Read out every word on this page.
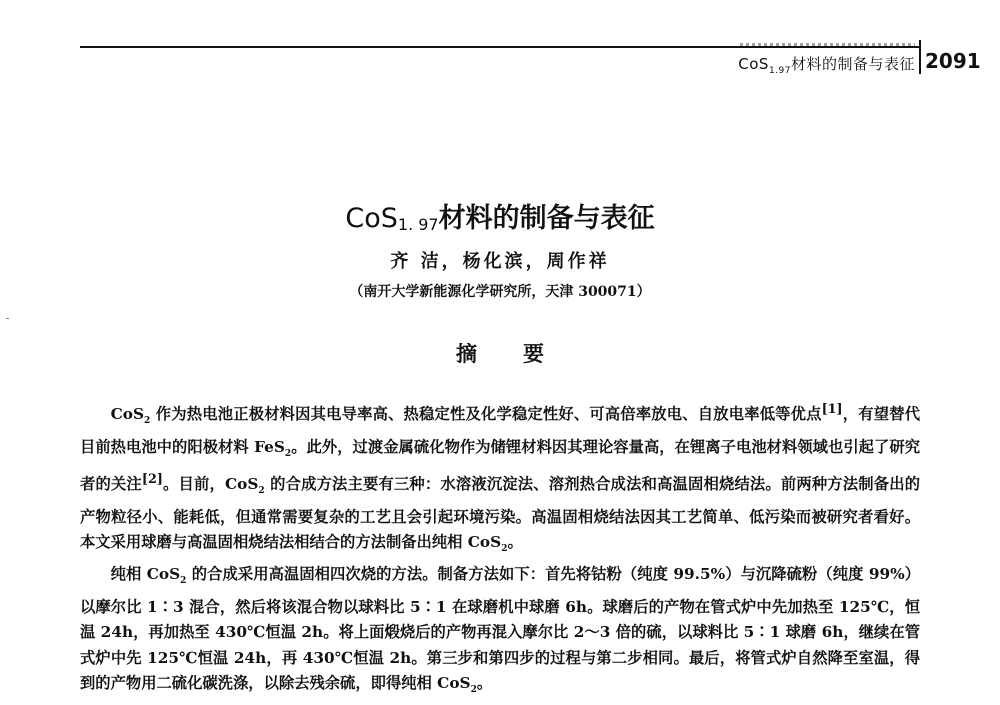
CoS$_{1.97}$材料的制备与表征 2091
CoS$_{1. 97}$材料的制备与表征
齐 洁，杨化滨，周作祥
（南开大学新能源化学研究所，天津 300071）
摘要

CoS$_2$ 作为热电池正极材料因其电导率高、热稳定性及化学稳定性好、可高倍率放电、自放电率低等优点[1]，有望替代目前热电池中的阳极材料 FeS$_2$。此外，过渡金属硫化物作为储锂材料因其理论容量高，在锂离子电池材料领域也引起了研究者的关注[2]。目前，CoS$_2$ 的合成方法主要有三种：水溶液沉淀法、溶剂热合成法和高温固相烧结法。前两种方法制备出的产物粒径小、能耗低，但通常需要复杂的工艺且会引起环境污染。高温固相烧结法因其工艺简单、低污染而被研究者看好。本文采用球磨与高温固相烧结法相结合的方法制备出纯相 CoS$_2$。

纯相 CoS$_2$ 的合成采用高温固相四次烧的方法。制备方法如下：首先将钴粉（纯度 99.5%）与沉降硫粉（纯度 99%）以摩尔比 1∶3 混合，然后将该混合物以球料比 5∶1 在球磨机中球磨 6h。球磨后的产物在管式炉中先加热至 125℃，恒温 24h，再加热至 430℃恒温 2h。将上面煅烧后的产物再混入摩尔比 2～3 倍的硫，以球料比 5∶1 球磨 6h，继续在管式炉中先 125℃恒温 24h，再 430℃恒温 2h。第三步和第四步的过程与第二步相同。最后，将管式炉自然降至室温，得到的产物用二硫化碳洗涤，以除去残余硫，即得纯相 CoS$_2$。
